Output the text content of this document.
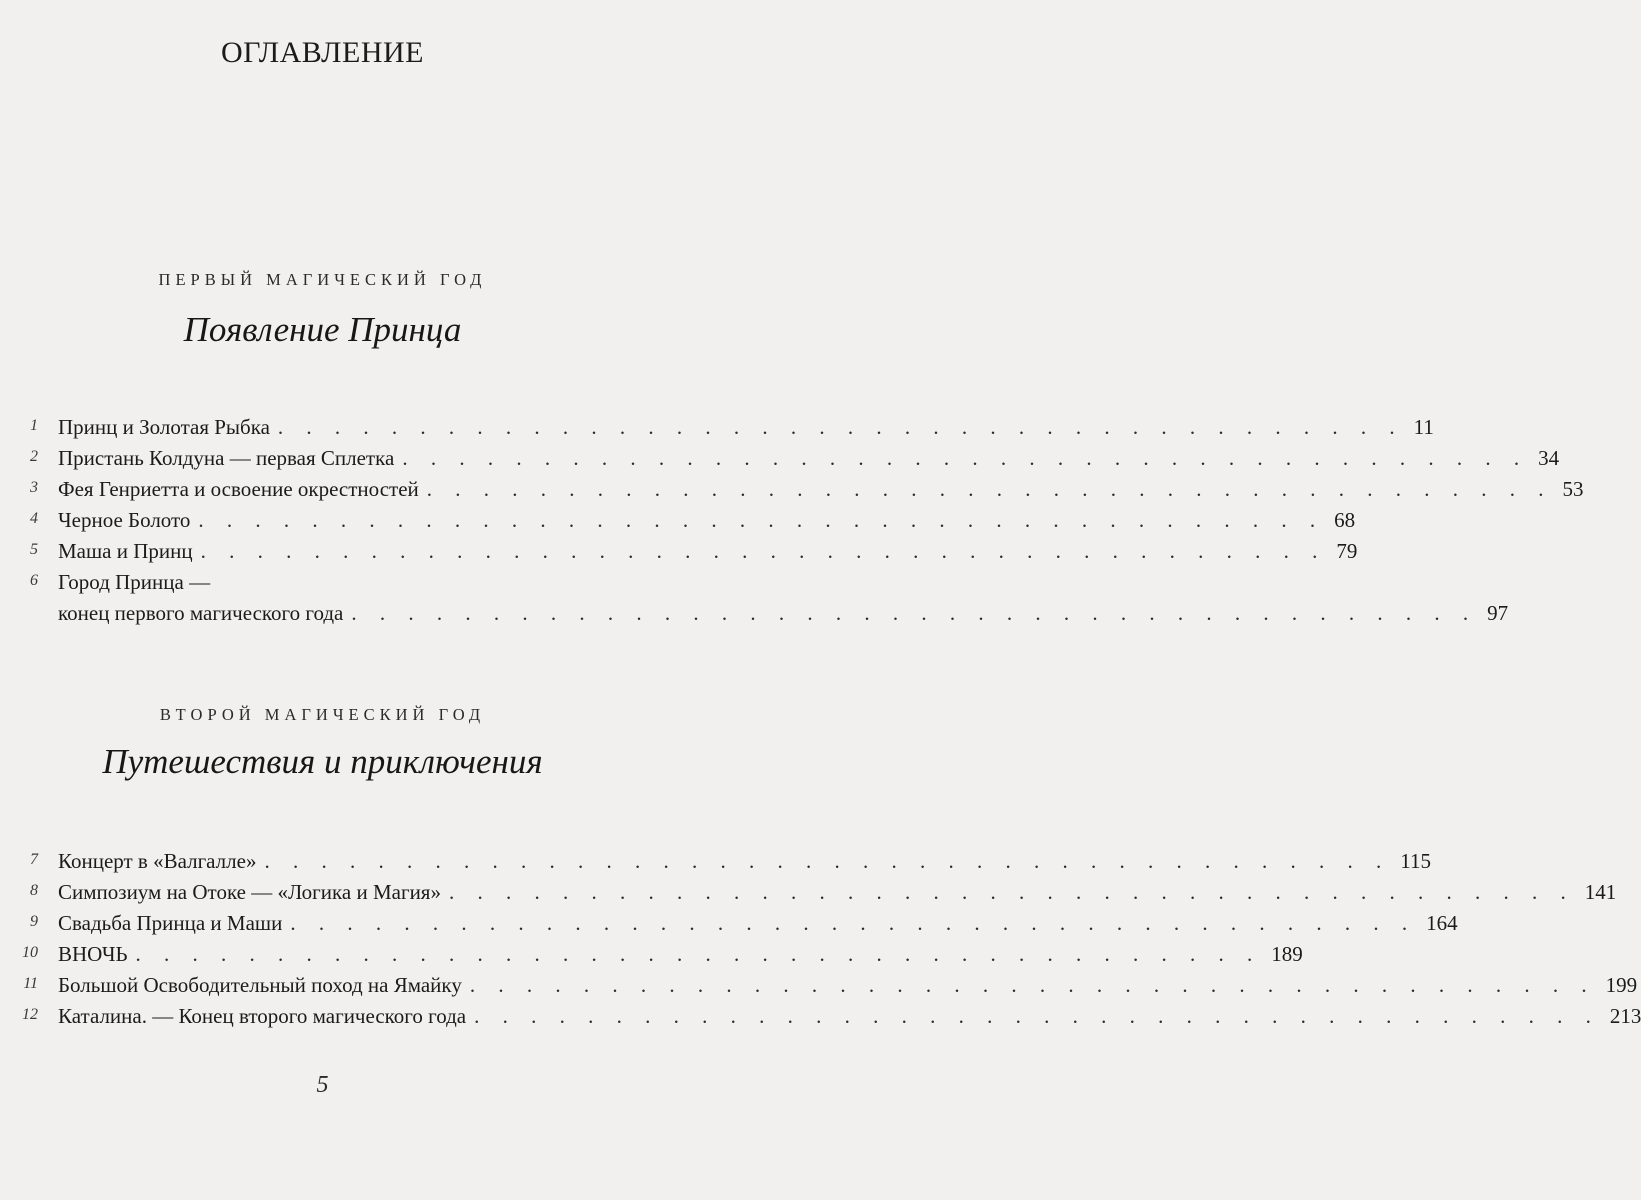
ОГЛАВЛЕНИЕ
ПЕРВЫЙ МАГИЧЕСКИЙ ГОД
Появление Принца
1 Принц и Золотая Рыбка . . . . . . . . . . . . . . . . . . . . . . . . . . . . . . . . . . . . . . . . 11
2 Пристань Колдуна — первая Сплетка . . . . . . . . . . . . . . . . . . . . . . . . . . . . . . . . . . . . . . . . 34
3 Фея Генриетта и освоение окрестностей . . . . . . . . . . . . . . . . . . . . . . . . . . . . . . . . . . . . . . . . 53
4 Черное Болото . . . . . . . . . . . . . . . . . . . . . . . . . . . . . . . . . . . . . . . . 68
5 Маша и Принц . . . . . . . . . . . . . . . . . . . . . . . . . . . . . . . . . . . . . . . . 79
6 Город Принца —
конец первого магического года . . . . . . . . . . . . . . . . . . . . . . . . . . . . . . . . . . . . . . . . 97
ВТОРОЙ МАГИЧЕСКИЙ ГОД
Путешествия и приключения
7 Концерт в «Валгалле» . . . . . . . . . . . . . . . . . . . . . . . . . . . . . . . . . . . . . . . . 115
8 Симпозиум на Отоке — «Логика и Магия» . . . . . . . . . . . . . . . . . . . . . . . . . . . . . . . . . . . . . . . . 141
9 Свадьба Принца и Маши . . . . . . . . . . . . . . . . . . . . . . . . . . . . . . . . . . . . . . . . 164
10 ВНОЧЬ . . . . . . . . . . . . . . . . . . . . . . . . . . . . . . . . . . . . . . . . 189
11 Большой Освободительный поход на Ямайку . . . . . . . . . . . . . . . . . . . . . . . . . . . . . . . . . . . . . . . . 199
12 Каталина. — Конец второго магического года . . . . . . . . . . . . . . . . . . . . . . . . . . . . . . . . . . . . . . . . 213
5
